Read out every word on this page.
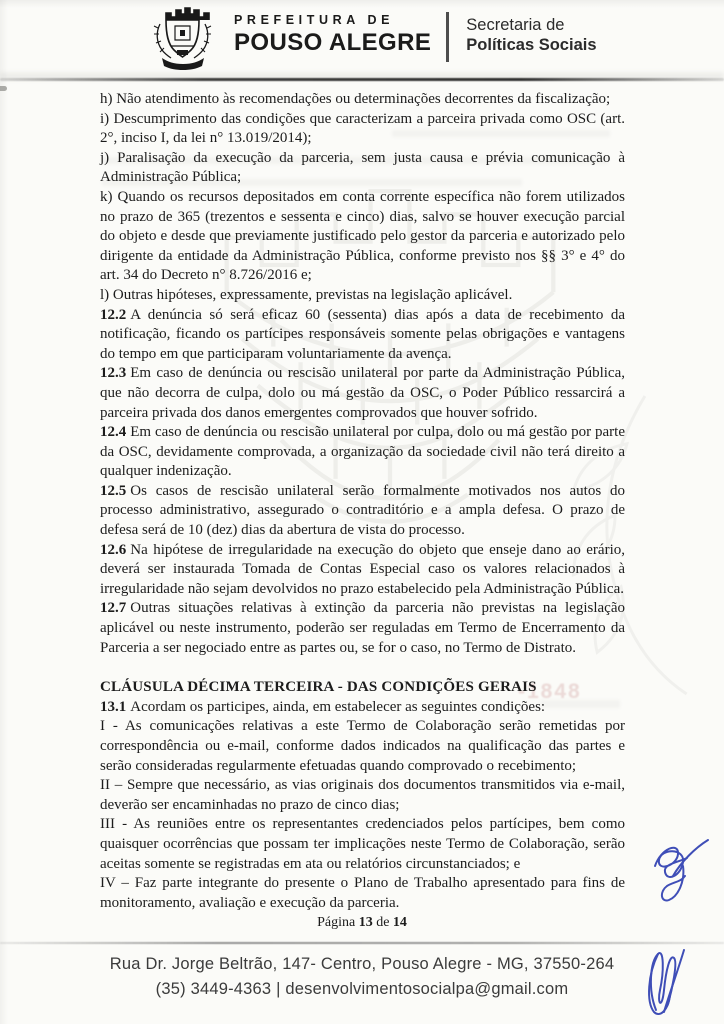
-1848
PREFEITURA DE
POUSO ALEGRE
Secretaria de
Políticas Sociais

h) Não atendimento às recomendações ou determinações decorrentes da fiscalização;

i) Descumprimento das condições que caracterizam a parceira privada como OSC (art. 2°, inciso I, da lei n° 13.019/2014);

j) Paralisação da execução da parceria, sem justa causa e prévia comunicação à Administração Pública;

k) Quando os recursos depositados em conta corrente específica não forem utilizados no prazo de 365 (trezentos e sessenta e cinco) dias, salvo se houver execução parcial do objeto e desde que previamente justificado pelo gestor da parceria e autorizado pelo dirigente da entidade da Administração Pública, conforme previsto nos §§ 3° e 4° do art. 34 do Decreto n° 8.726/2016 e;

l) Outras hipóteses, expressamente, previstas na legislação aplicável.

12.2 A denúncia só será eficaz 60 (sessenta) dias após a data de recebimento da notificação, ficando os partícipes responsáveis somente pelas obrigações e vantagens do tempo em que participaram voluntariamente da avença.

12.3 Em caso de denúncia ou rescisão unilateral por parte da Administração Pública, que não decorra de culpa, dolo ou má gestão da OSC, o Poder Público ressarcirá a parceira privada dos danos emergentes comprovados que houver sofrido.

12.4 Em caso de denúncia ou rescisão unilateral por culpa, dolo ou má gestão por parte da OSC, devidamente comprovada, a organização da sociedade civil não terá direito a qualquer indenização.

12.5 Os casos de rescisão unilateral serão formalmente motivados nos autos do processo administrativo, assegurado o contraditório e a ampla defesa. O prazo de defesa será de 10 (dez) dias da abertura de vista do processo.

12.6 Na hipótese de irregularidade na execução do objeto que enseje dano ao erário, deverá ser instaurada Tomada de Contas Especial caso os valores relacionados à irregularidade não sejam devolvidos no prazo estabelecido pela Administração Pública.

12.7 Outras situações relativas à extinção da parceria não previstas na legislação aplicável ou neste instrumento, poderão ser reguladas em Termo de Encerramento da Parceria a ser negociado entre as partes ou, se for o caso, no Termo de Distrato.

CLÁUSULA DÉCIMA TERCEIRA - DAS CONDIÇÕES GERAIS

13.1 Acordam os participes, ainda, em estabelecer as seguintes condições:

I - As comunicações relativas a este Termo de Colaboração serão remetidas por correspondência ou e-mail, conforme dados indicados na qualificação das partes e serão consideradas regularmente efetuadas quando comprovado o recebimento;

II – Sempre que necessário, as vias originais dos documentos transmitidos via e-mail, deverão ser encaminhadas no prazo de cinco dias;

III - As reuniões entre os representantes credenciados pelos partícipes, bem como quaisquer ocorrências que possam ter implicações neste Termo de Colaboração, serão aceitas somente se registradas em ata ou relatórios circunstanciados; e

IV – Faz parte integrante do presente o Plano de Trabalho apresentado para fins de monitoramento, avaliação e execução da parceria.

Página 13 de 14
Rua Dr. Jorge Beltrão, 147- Centro, Pouso Alegre - MG, 37550-264
(35) 3449-4363 | desenvolvimentosocialpa@gmail.com
